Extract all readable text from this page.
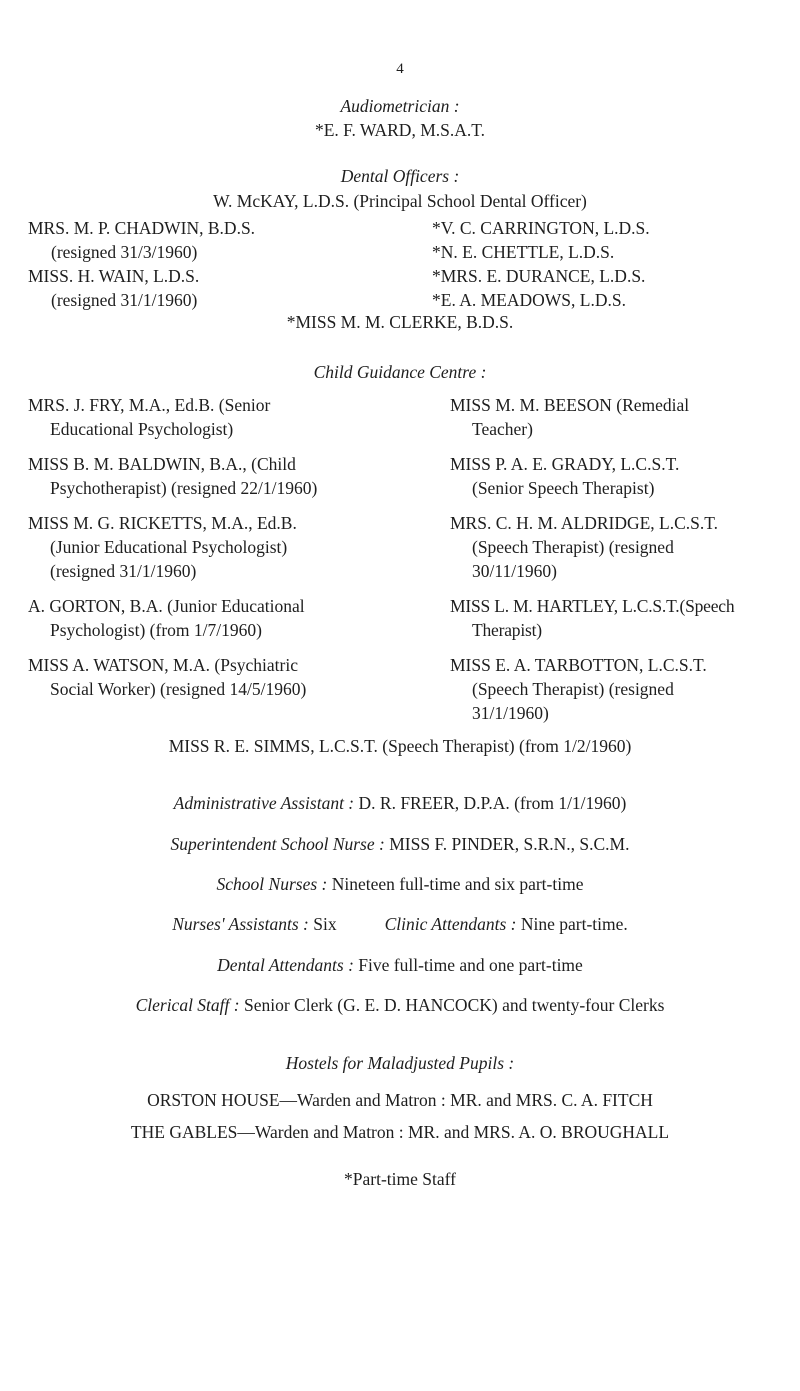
4
Audiometrician :
*E. F. WARD, M.S.A.T.
Dental Officers :
W. McKAY, L.D.S. (Principal School Dental Officer)
MRS. M. P. CHADWIN, B.D.S.
(resigned 31/3/1960)
MISS. H. WAIN, L.D.S.
(resigned 31/1/1960)
*V. C. CARRINGTON, L.D.S.
*N. E. CHETTLE, L.D.S.
*MRS. E. DURANCE, L.D.S.
*E. A. MEADOWS, L.D.S.
*MISS M. M. CLERKE, B.D.S.
Child Guidance Centre :
MRS. J. FRY, M.A., Ed.B. (Senior
Educational Psychologist)
MISS B. M. BALDWIN, B.A., (Child
Psychotherapist) (resigned 22/1/1960)
MISS M. G. RICKETTS, M.A., Ed.B.
(Junior Educational Psychologist)
(resigned 31/1/1960)
A. GORTON, B.A. (Junior Educational
Psychologist) (from 1/7/1960)
MISS A. WATSON, M.A. (Psychiatric
Social Worker) (resigned 14/5/1960)
MISS M. M. BEESON (Remedial
Teacher)
MISS P. A. E. GRADY, L.C.S.T.
(Senior Speech Therapist)
MRS. C. H. M. ALDRIDGE, L.C.S.T.
(Speech Therapist) (resigned
30/11/1960)
MISS L. M. HARTLEY, L.C.S.T.(Speech
Therapist)
MISS E. A. TARBOTTON, L.C.S.T.
(Speech Therapist) (resigned
31/1/1960)
MISS R. E. SIMMS, L.C.S.T. (Speech Therapist) (from 1/2/1960)
Administrative Assistant : D. R. FREER, D.P.A. (from 1/1/1960)
Superintendent School Nurse : MISS F. PINDER, S.R.N., S.C.M.
School Nurses : Nineteen full-time and six part-time
Nurses' Assistants : Six	Clinic Attendants : Nine part-time.
Dental Attendants : Five full-time and one part-time
Clerical Staff : Senior Clerk (G. E. D. HANCOCK) and twenty-four Clerks
Hostels for Maladjusted Pupils :
ORSTON HOUSE—Warden and Matron : MR. and MRS. C. A. FITCH
THE GABLES—Warden and Matron : MR. and MRS. A. O. BROUGHALL
*Part-time Staff
